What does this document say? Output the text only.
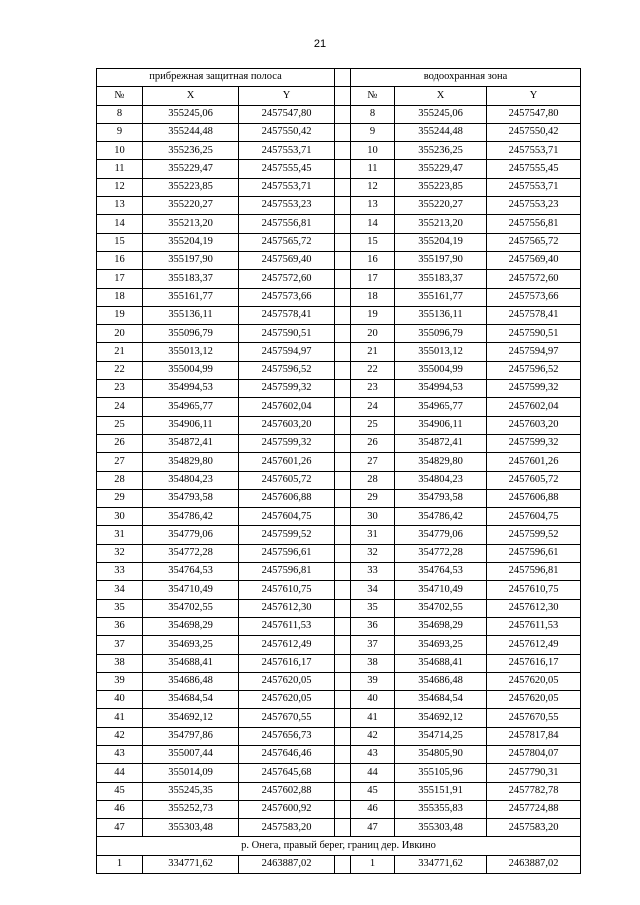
21
прибрежная защитная полоса				водоохранная зона		
№	X	Y		№	X	Y
8	355245,06	2457547,80		8	355245,06	2457547,80
9	355244,48	2457550,42		9	355244,48	2457550,42
10	355236,25	2457553,71		10	355236,25	2457553,71
11	355229,47	2457555,45		11	355229,47	2457555,45
12	355223,85	2457553,71		12	355223,85	2457553,71
13	355220,27	2457553,23		13	355220,27	2457553,23
14	355213,20	2457556,81		14	355213,20	2457556,81
15	355204,19	2457565,72		15	355204,19	2457565,72
16	355197,90	2457569,40		16	355197,90	2457569,40
17	355183,37	2457572,60		17	355183,37	2457572,60
18	355161,77	2457573,66		18	355161,77	2457573,66
19	355136,11	2457578,41		19	355136,11	2457578,41
20	355096,79	2457590,51		20	355096,79	2457590,51
21	355013,12	2457594,97		21	355013,12	2457594,97
22	355004,99	2457596,52		22	355004,99	2457596,52
23	354994,53	2457599,32		23	354994,53	2457599,32
24	354965,77	2457602,04		24	354965,77	2457602,04
25	354906,11	2457603,20		25	354906,11	2457603,20
26	354872,41	2457599,32		26	354872,41	2457599,32
27	354829,80	2457601,26		27	354829,80	2457601,26
28	354804,23	2457605,72		28	354804,23	2457605,72
29	354793,58	2457606,88		29	354793,58	2457606,88
30	354786,42	2457604,75		30	354786,42	2457604,75
31	354779,06	2457599,52		31	354779,06	2457599,52
32	354772,28	2457596,61		32	354772,28	2457596,61
33	354764,53	2457596,81		33	354764,53	2457596,81
34	354710,49	2457610,75		34	354710,49	2457610,75
35	354702,55	2457612,30		35	354702,55	2457612,30
36	354698,29	2457611,53		36	354698,29	2457611,53
37	354693,25	2457612,49		37	354693,25	2457612,49
38	354688,41	2457616,17		38	354688,41	2457616,17
39	354686,48	2457620,05		39	354686,48	2457620,05
40	354684,54	2457620,05		40	354684,54	2457620,05
41	354692,12	2457670,55		41	354692,12	2457670,55
42	354797,86	2457656,73		42	354714,25	2457817,84
43	355007,44	2457646,46		43	354805,90	2457804,07
44	355014,09	2457645,68		44	355105,96	2457790,31
45	355245,35	2457602,88		45	355151,91	2457782,78
46	355252,73	2457600,92		46	355355,83	2457724,88
47	355303,48	2457583,20		47	355303,48	2457583,20
р. Онега, правый берег, границ дер. Ивкино						
1	334771,62	2463887,02		1	334771,62	2463887,02
